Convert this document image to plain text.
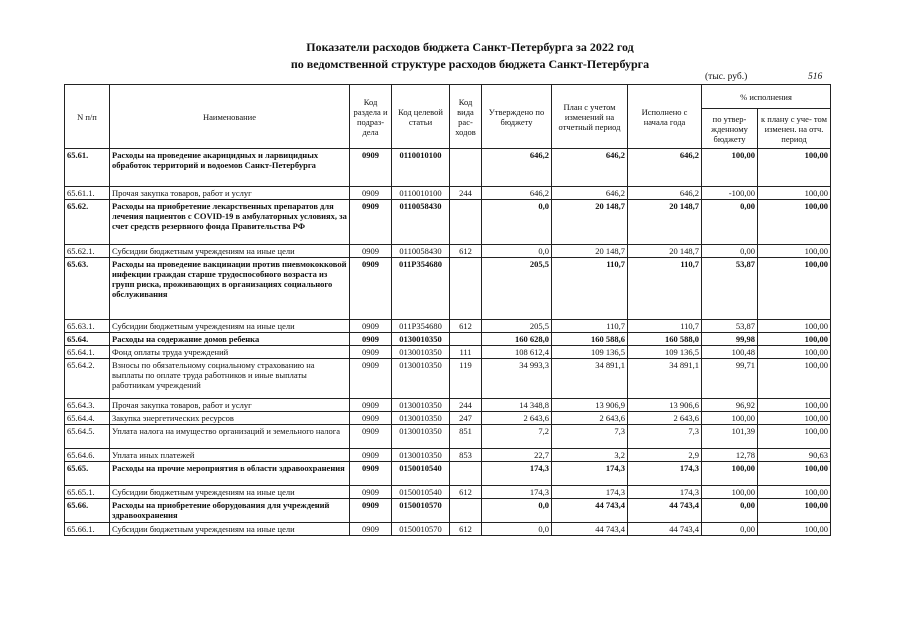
Показатели расходов бюджета Санкт-Петербурга за 2022 год
по ведомственной структуре расходов бюджета Санкт-Петербурга
(тыс. руб.)	516
N п/п	Наименование	Код раздела и подраз- дела	Код целевой статьи	Код вида рас- ходов	Утверждено по бюджету	План с учетом изменений на отчетный период	Исполнено с начала года	% исполнения	
								по утвер- жденному бюджету	к плану с уче- том изменен. на отч. период
65.61.	Расходы на проведение акарицидных и ларвицидных обработок территорий и водоемов Санкт-Петербурга	0909	0110010100		646,2	646,2	646,2	100,00	100,00
65.61.1.	Прочая закупка товаров, работ и услуг	0909	0110010100	244	646,2	646,2	646,2	-100,00	100,00
65.62.	Расходы на приобретение лекарственных препаратов для лечения пациентов с COVID-19 в амбулаторных условиях, за счет средств резервного фонда Правительства РФ	0909	0110058430		0,0	20 148,7	20 148,7	0,00	100,00
65.62.1.	Субсидии бюджетным учреждениям на иные цели	0909	0110058430	612	0,0	20 148,7	20 148,7	0,00	100,00
65.63.	Расходы на проведение вакцинации против пневмококковой инфекции граждан старше трудоспособного возраста из групп риска, проживающих в организациях социального обслуживания	0909	011P354680		205,5	110,7	110,7	53,87	100,00
65.63.1.	Субсидии бюджетным учреждениям на иные цели	0909	011P354680	612	205,5	110,7	110,7	53,87	100,00
65.64.	Расходы на содержание домов ребенка	0909	0130010350		160 628,0	160 588,6	160 588,0	99,98	100,00
65.64.1.	Фонд оплаты труда учреждений	0909	0130010350	111	108 612,4	109 136,5	109 136,5	100,48	100,00
65.64.2.	Взносы по обязательному социальному страхованию на выплаты по оплате труда работников и иные выплаты работникам учреждений	0909	0130010350	119	34 993,3	34 891,1	34 891,1	99,71	100,00
65.64.3.	Прочая закупка товаров, работ и услуг	0909	0130010350	244	14 348,8	13 906,9	13 906,6	96,92	100,00
65.64.4.	Закупка энергетических ресурсов	0909	0130010350	247	2 643,6	2 643,6	2 643,6	100,00	100,00
65.64.5.	Уплата налога на имущество организаций и земельного налога	0909	0130010350	851	7,2	7,3	7,3	101,39	100,00
65.64.6.	Уплата иных платежей	0909	0130010350	853	22,7	3,2	2,9	12,78	90,63
65.65.	Расходы на прочие мероприятия в области здравоохранения	0909	0150010540		174,3	174,3	174,3	100,00	100,00
65.65.1.	Субсидии бюджетным учреждениям на иные цели	0909	0150010540	612	174,3	174,3	174,3	100,00	100,00
65.66.	Расходы на приобретение оборудования для учреждений здравоохранения	0909	0150010570		0,0	44 743,4	44 743,4	0,00	100,00
65.66.1.	Субсидии бюджетным учреждениям на иные цели	0909	0150010570	612	0,0	44 743,4	44 743,4	0,00	100,00
